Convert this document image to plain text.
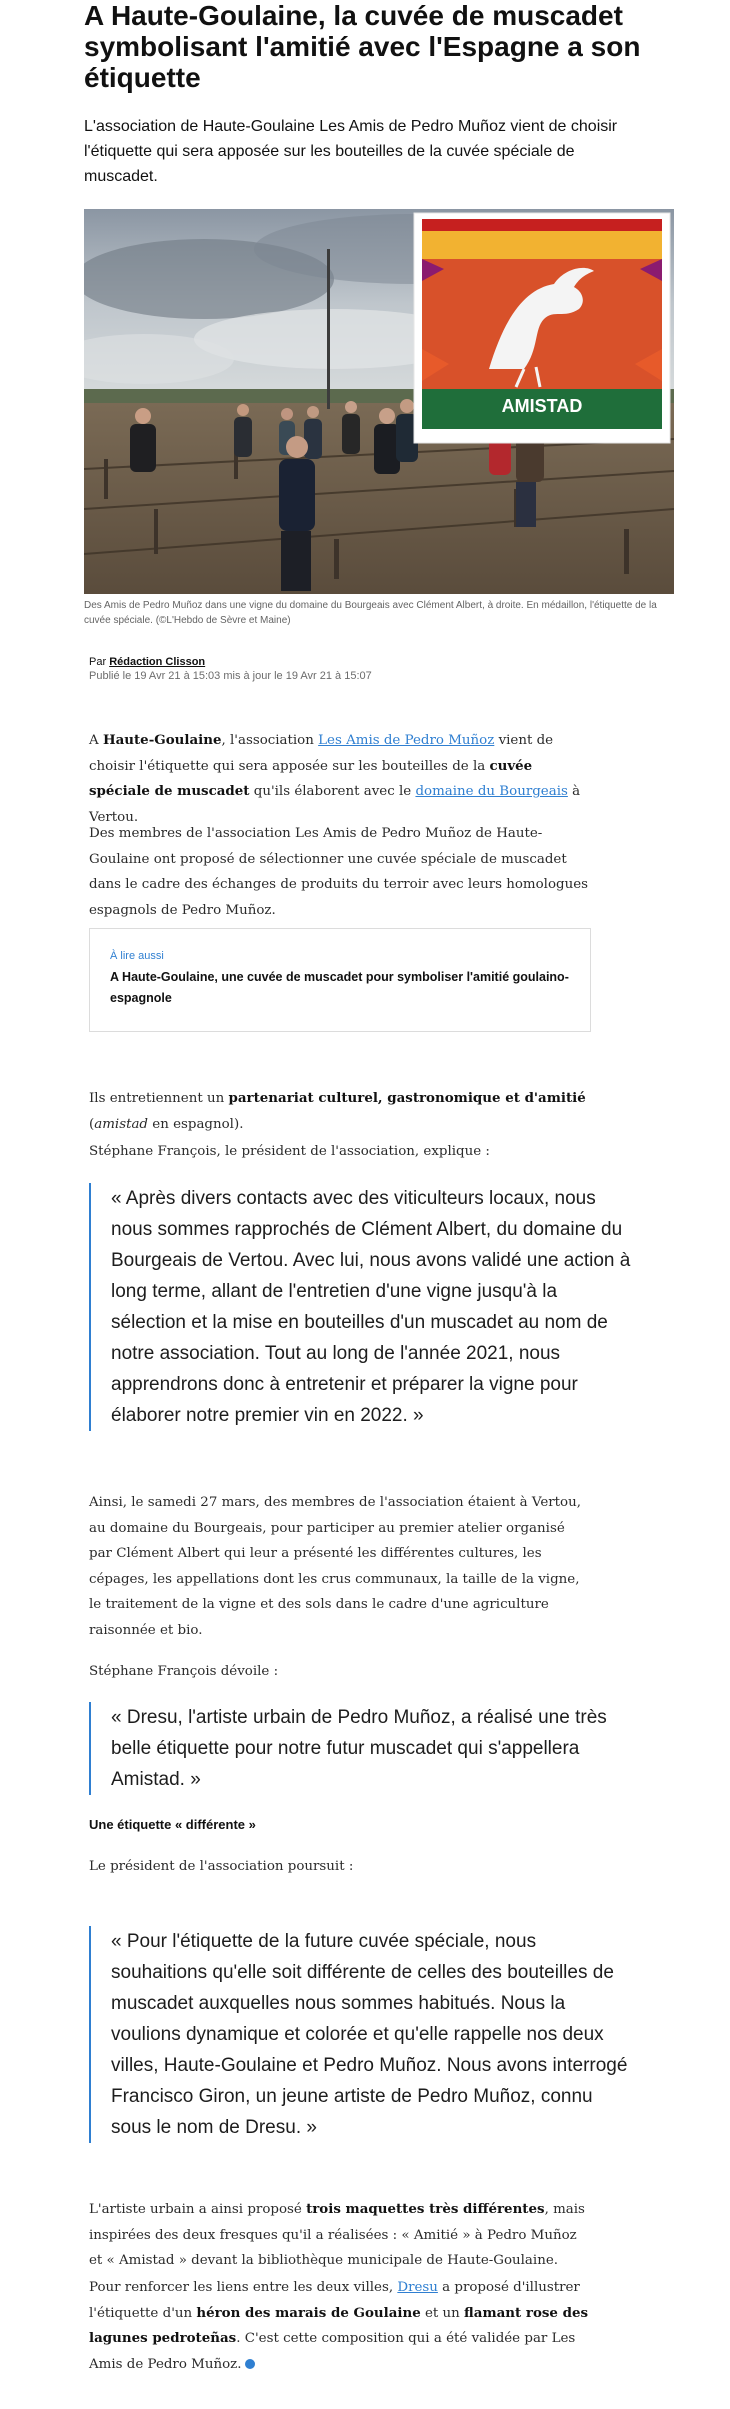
A Haute-Goulaine, la cuvée de muscadet symbolisant l'amitié avec l'Espagne a son étiquette
L'association de Haute-Goulaine Les Amis de Pedro Muñoz vient de choisir l'étiquette qui sera apposée sur les bouteilles de la cuvée spéciale de muscadet.
AMISTAD
Des Amis de Pedro Muñoz dans une vigne du domaine du Bourgeais avec Clément Albert, à droite. En médaillon, l'étiquette de la cuvée spéciale. (©L'Hebdo de Sèvre et Maine)
Par Rédaction Clisson
Publié le 19 Avr 21 à 15:03 mis à jour le 19 Avr 21 à 15:07
A Haute-Goulaine, l'association Les Amis de Pedro Muñoz vient de choisir l'étiquette qui sera apposée sur les bouteilles de la cuvée spéciale de muscadet qu'ils élaborent avec le domaine du Bourgeais à Vertou.
Des membres de l'association Les Amis de Pedro Muñoz de Haute-Goulaine ont proposé de sélectionner une cuvée spéciale de muscadet dans le cadre des échanges de produits du terroir avec leurs homologues espagnols de Pedro Muñoz.
À lire aussi
A Haute-Goulaine, une cuvée de muscadet pour symboliser l'amitié goulaino-espagnole
Ils entretiennent un partenariat culturel, gastronomique et d'amitié (amistad en espagnol).
Stéphane François, le président de l'association, explique :
« Après divers contacts avec des viticulteurs locaux, nous nous sommes rapprochés de Clément Albert, du domaine du Bourgeais de Vertou. Avec lui, nous avons validé une action à long terme, allant de l'entretien d'une vigne jusqu'à la sélection et la mise en bouteilles d'un muscadet au nom de notre association. Tout au long de l'année 2021, nous apprendrons donc à entretenir et préparer la vigne pour élaborer notre premier vin en 2022. »
Ainsi, le samedi 27 mars, des membres de l'association étaient à Vertou, au domaine du Bourgeais, pour participer au premier atelier organisé par Clément Albert qui leur a présenté les différentes cultures, les cépages, les appellations dont les crus communaux, la taille de la vigne, le traitement de la vigne et des sols dans le cadre d'une agriculture raisonnée et bio.
Stéphane François dévoile :
« Dresu, l'artiste urbain de Pedro Muñoz, a réalisé une très belle étiquette pour notre futur muscadet qui s'appellera Amistad. »
Une étiquette « différente »
Le président de l'association poursuit :
« Pour l'étiquette de la future cuvée spéciale, nous souhaitions qu'elle soit différente de celles des bouteilles de muscadet auxquelles nous sommes habitués. Nous la voulions dynamique et colorée et qu'elle rappelle nos deux villes, Haute-Goulaine et Pedro Muñoz. Nous avons interrogé Francisco Giron, un jeune artiste de Pedro Muñoz, connu sous le nom de Dresu. »
L'artiste urbain a ainsi proposé trois maquettes très différentes, mais inspirées des deux fresques qu'il a réalisées : « Amitié » à Pedro Muñoz et « Amistad » devant la bibliothèque municipale de Haute-Goulaine.
Pour renforcer les liens entre les deux villes, Dresu a proposé d'illustrer l'étiquette d'un héron des marais de Goulaine et un flamant rose des lagunes pedroteñas. C'est cette composition qui a été validée par Les Amis de Pedro Muñoz.
